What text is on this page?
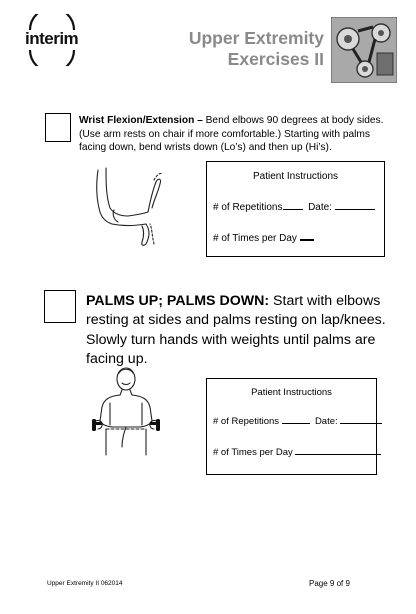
interim	Upper Extremity
Exercises II
Wrist Flexion/Extension – Bend elbows 90 degrees at body sides. (Use arm rests on chair if more comfortable.) Starting with palms facing down, bend wrists down (Lo’s) and then up (Hi’s).
Patient Instructions
# of Repetitions	Date:
# of Times per Day
PALMS UP; PALMS DOWN: Start with elbows resting at sides and palms resting on lap/knees. Slowly turn hands with weights until palms are facing up.
Patient Instructions
# of Repetitions	Date:
# of Times per Day
Upper Extremity II 062014	Page 9 of 9
